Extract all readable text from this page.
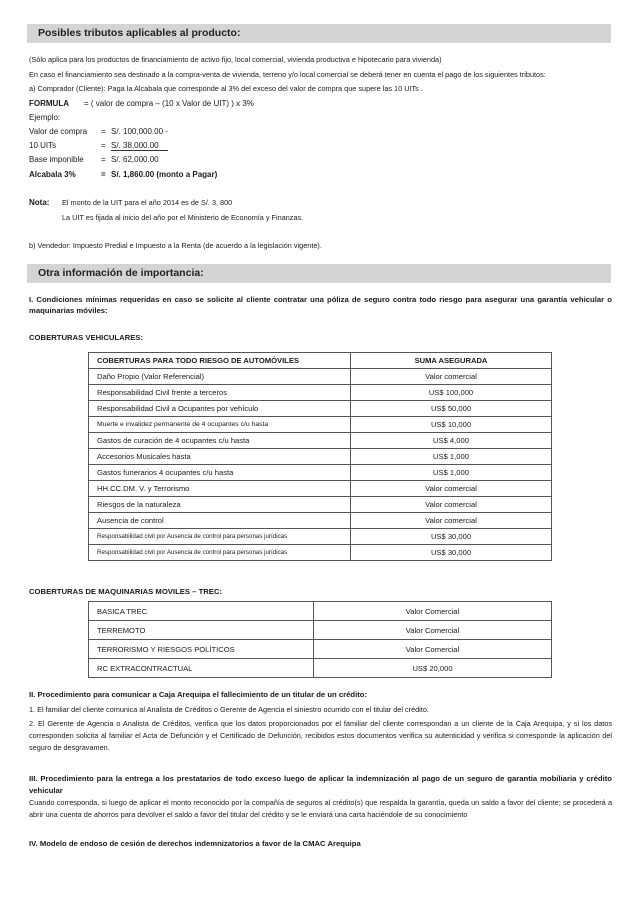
Posibles tributos aplicables al producto:
(Sólo aplica para los productos de financiamiento de activo fijo, local comercial, vivienda productiva e hipotecario para vivienda)
En caso el financiamiento sea destinado a la compra-venta de vivienda, terreno y/o local comercial se deberá tener en cuenta el pago de los siguientes tributos:
a) Comprador (Cliente): Paga la Alcabala que corresponde al 3% del exceso del valor de compra que supere las 10 UITs .
FORMULA = ( valor de compra – (10 x Valor de UIT) ) x 3%
Ejemplo:
Valor de compra = S/. 100,000.00 -
10 UITs	= S/. 38,000.00
Base imponible = S/. 62,000.00
Alcabala 3%	= S/. 1,860.00 (monto a Pagar)
Nota: El monto de la UIT para el año 2014 es de S/. 3, 800
La UIT es fijada al inicio del año por el Ministerio de Economía y Finanzas.
b) Vendedor: Impuesto Predial e Impuesto a la Renta (de acuerdo a la legislación vigente).
Otra información de importancia:
I. Condiciones mínimas requeridas en caso se solicite al cliente contratar una póliza de seguro contra todo riesgo para asegurar una garantía vehicular o maquinarias móviles:
COBERTURAS VEHICULARES:
COBERTURAS PARA TODO RIESGO DE AUTOMÓVILES	SUMA ASEGURADA
Daño Propio (Valor Referencial)	Valor comercial
Responsabilidad Civil frente a terceros	US$ 100,000
Responsabilidad Civil a Ocupantes por vehículo	US$ 50,000
Muerte e invalidez permanente de 4 ocupantes c/u hasta	US$ 10,000
Gastos de curación de 4 ocupantes c/u hasta	US$ 4,000
Accesorios Musicales hasta	US$ 1,000
Gastos funerarios 4 ocupantes c/u hasta	US$ 1,000
HH.CC.DM. V. y Terrorismo	Valor comercial
Riesgos de la naturaleza	Valor comercial
Ausencia de control	Valor comercial
Responsabilidad civil por Ausencia de control para personas jurídicas	US$ 30,000
Responsabilidad civil por Ausencia de control para personas jurídicas	US$ 30,000
COBERTURAS DE MAQUINARIAS MOVILES – TREC:
BASICA TREC	Valor Comercial
TERREMOTO	Valor Comercial
TERRORISMO Y RIESGOS POLÍTICOS	Valor Comercial
RC EXTRACONTRACTUAL	US$ 20,000
II. Procedimiento para comunicar a Caja Arequipa el fallecimiento de un titular de un crédito:
1. El familiar del cliente comunica al Analista de Créditos o Gerente de Agencia el siniestro ocurrido con el titular del crédito.
2. El Gerente de Agencia o Analista de Créditos, verifica que los datos proporcionados por el familiar del cliente correspondan a un cliente de la Caja Arequipa, y si los datos corresponden solicita al familiar el Acta de Defunción y el Certificado de Defunción, recibidos estos documentos verifica su autenticidad y verifica si corresponde la aplicación del seguro de desgravamen.
III. Procedimiento para la entrega a los prestatarios de todo exceso luego de aplicar la indemnización al pago de un seguro de garantía mobiliaria y crédito vehicular
Cuando corresponda, si luego de aplicar el monto reconocido por la compañía de seguros al crédito(s) que respalda la garantía, queda un saldo a favor del cliente; se procederá a abrir una cuenta de ahorros para devolver el saldo a favor del titular del crédito y se le enviará una carta haciéndole de su conocimiento
IV. Modelo de endoso de cesión de derechos indemnizatorios a favor de la CMAC Arequipa
